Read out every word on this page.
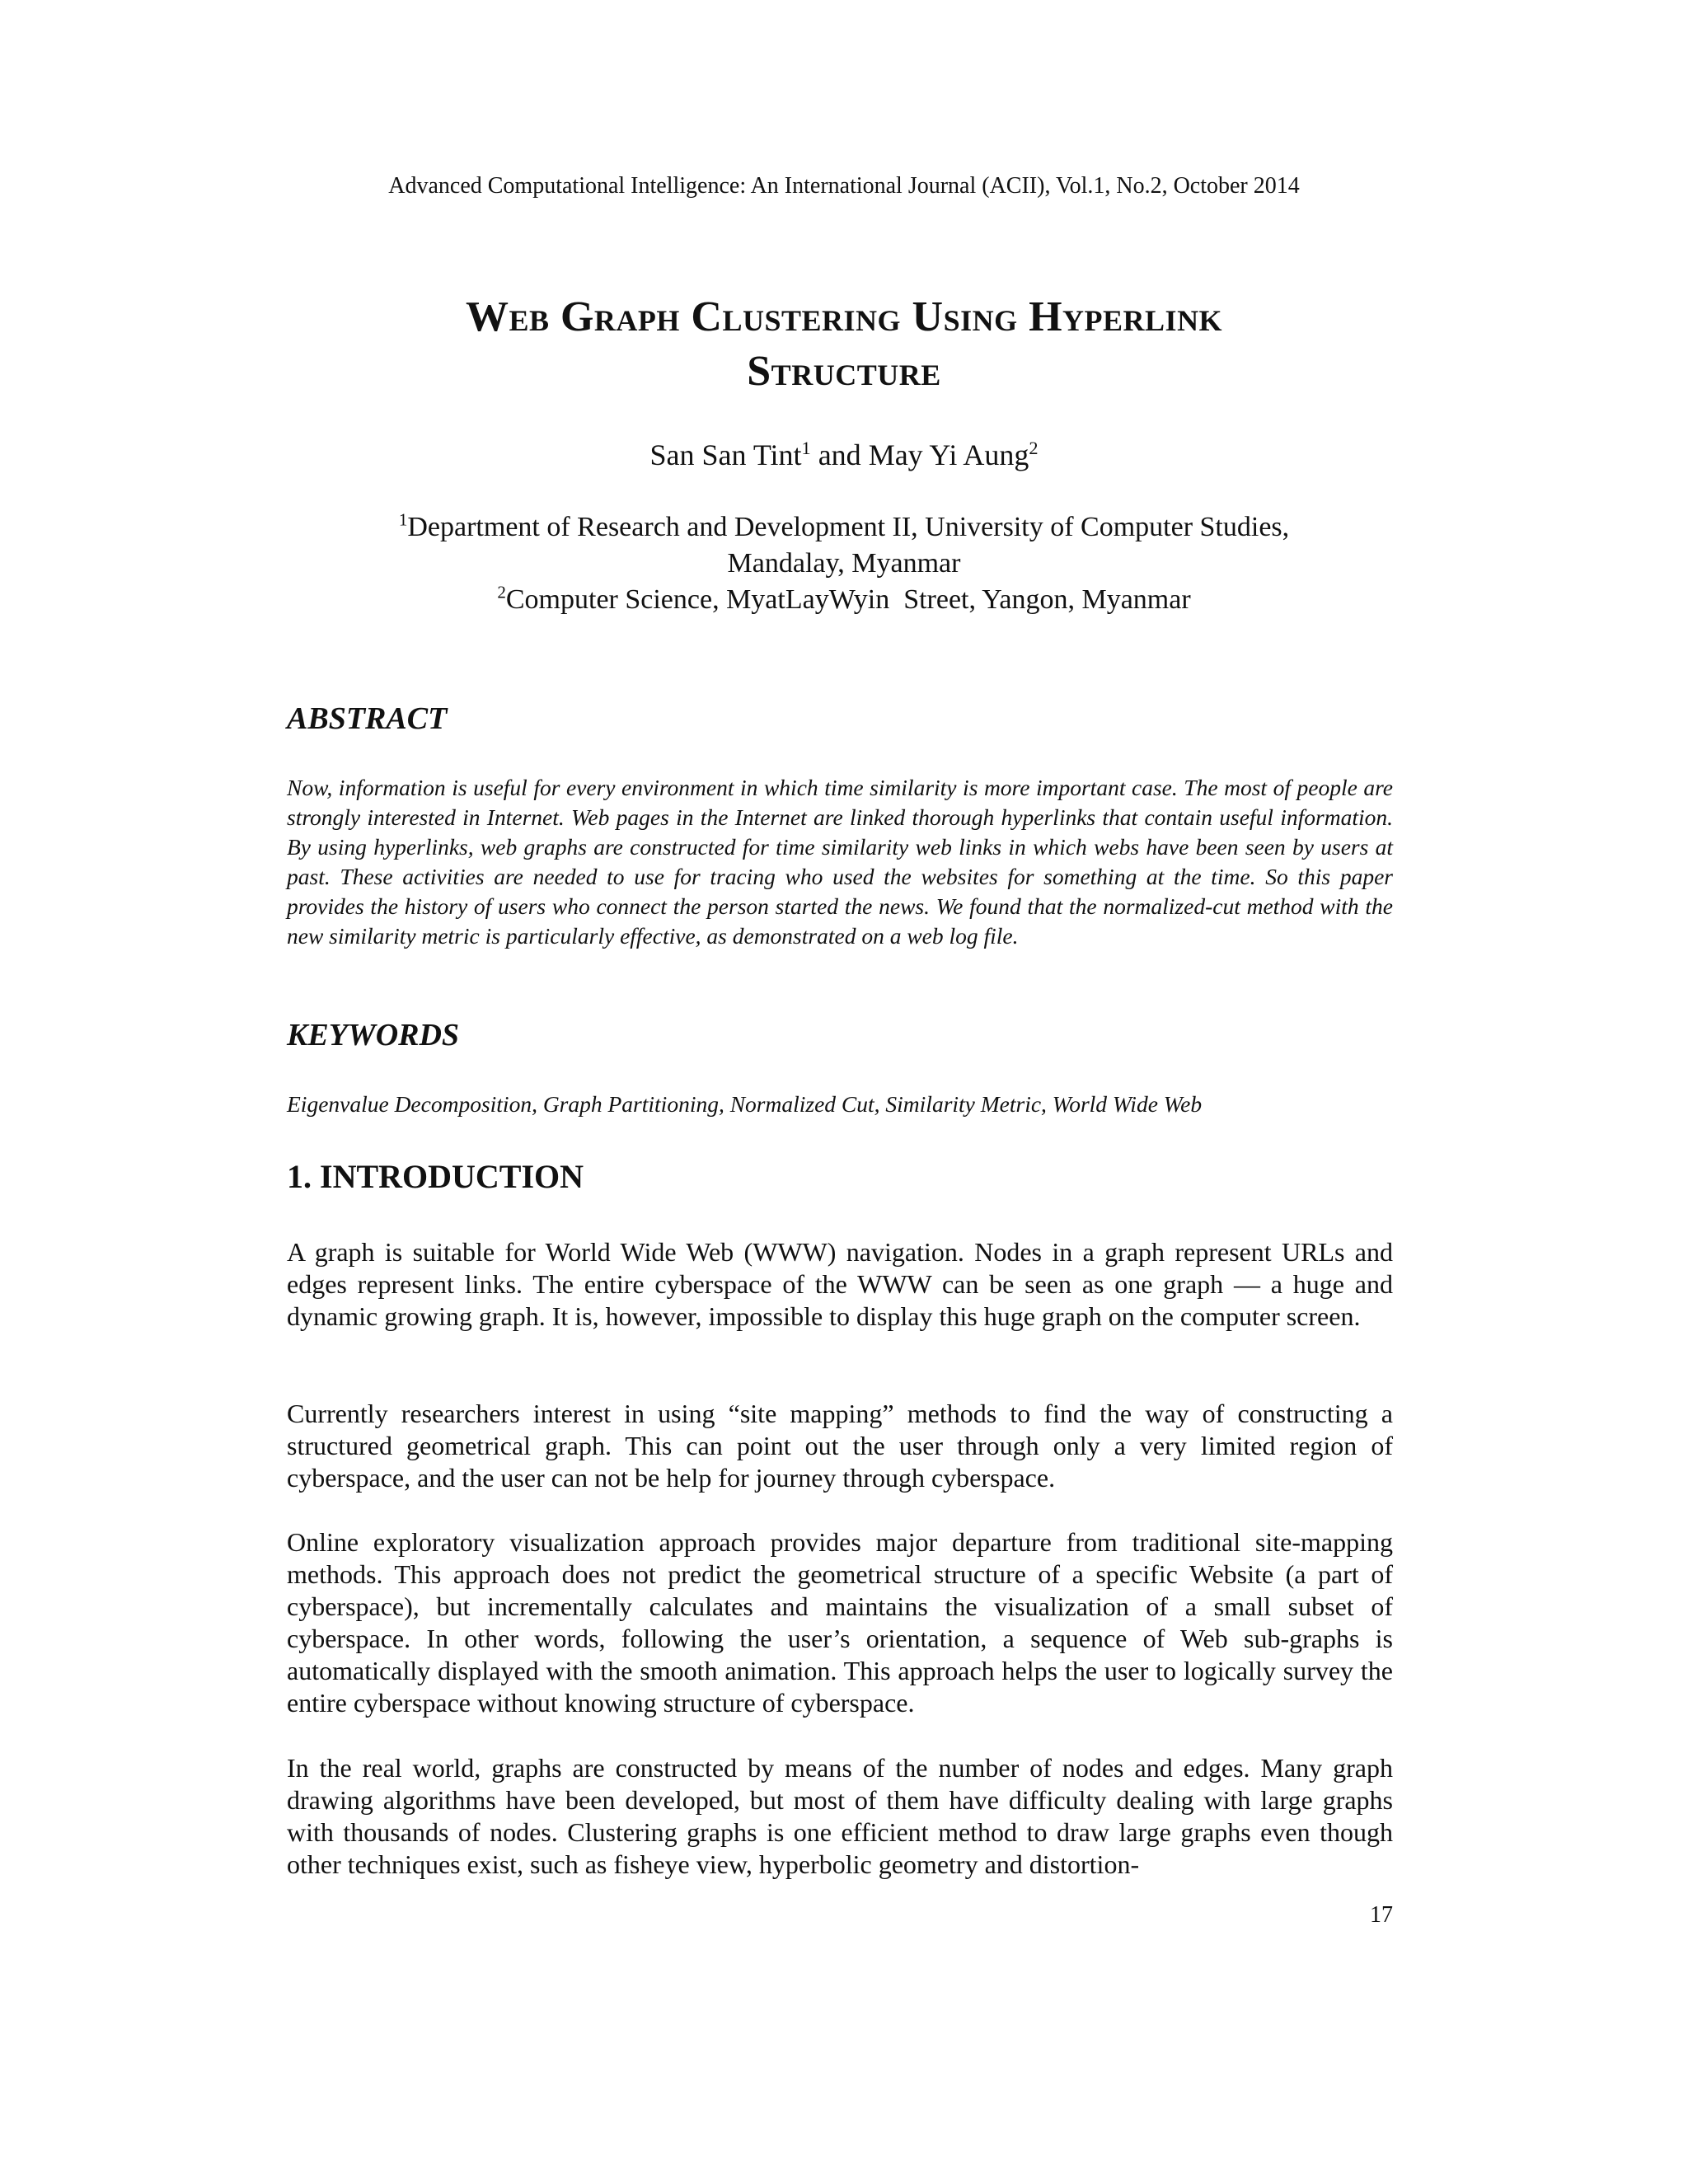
Advanced Computational Intelligence: An International Journal (ACII), Vol.1, No.2, October 2014
Web Graph Clustering Using Hyperlink
Structure
San San Tint$^1$ and May Yi Aung$^2$
$^1$Department of Research and Development II, University of Computer Studies,
Mandalay, Myanmar
$^2$Computer Science, MyatLayWyin  Street, Yangon, Myanmar
ABSTRACT

Now, information is useful for every environment in which time similarity is more important case. The most of people are strongly interested in Internet. Web pages in the Internet are linked thorough hyperlinks that contain useful information. By using hyperlinks, web graphs are constructed for time similarity web links in which webs have been seen by users at past. These activities are needed to use for tracing who used the websites for something at the time. So this paper provides the history of users who connect the person started the news. We found that the normalized-cut method with the new similarity metric is particularly effective, as demonstrated on a web log file.

KEYWORDS

Eigenvalue Decomposition, Graph Partitioning, Normalized Cut, Similarity Metric, World Wide Web

1. INTRODUCTION

A graph is suitable for World Wide Web (WWW) navigation. Nodes in a graph represent URLs and edges represent links. The entire cyberspace of the WWW can be seen as one graph — a huge and dynamic growing graph. It is, however, impossible to display this huge graph on the computer screen.

Currently researchers interest in using “site mapping” methods to find the way of constructing a structured geometrical graph. This can point out the user through only a very limited region of cyberspace, and the user can not be help for journey through cyberspace.

Online exploratory visualization approach provides major departure from traditional site-mapping methods. This approach does not predict the geometrical structure of a specific Website (a part of cyberspace), but incrementally calculates and maintains the visualization of a small subset of cyberspace. In other words, following the user’s orientation, a sequence of Web sub-graphs is automatically displayed with the smooth animation. This approach helps the user to logically survey the entire cyberspace without knowing structure of cyberspace.

In the real world, graphs are constructed by means of the number of nodes and edges. Many graph drawing algorithms have been developed, but most of them have difficulty dealing with large graphs with thousands of nodes. Clustering graphs is one efficient method to draw large graphs even though other techniques exist, such as fisheye view, hyperbolic geometry and distortion-

17
